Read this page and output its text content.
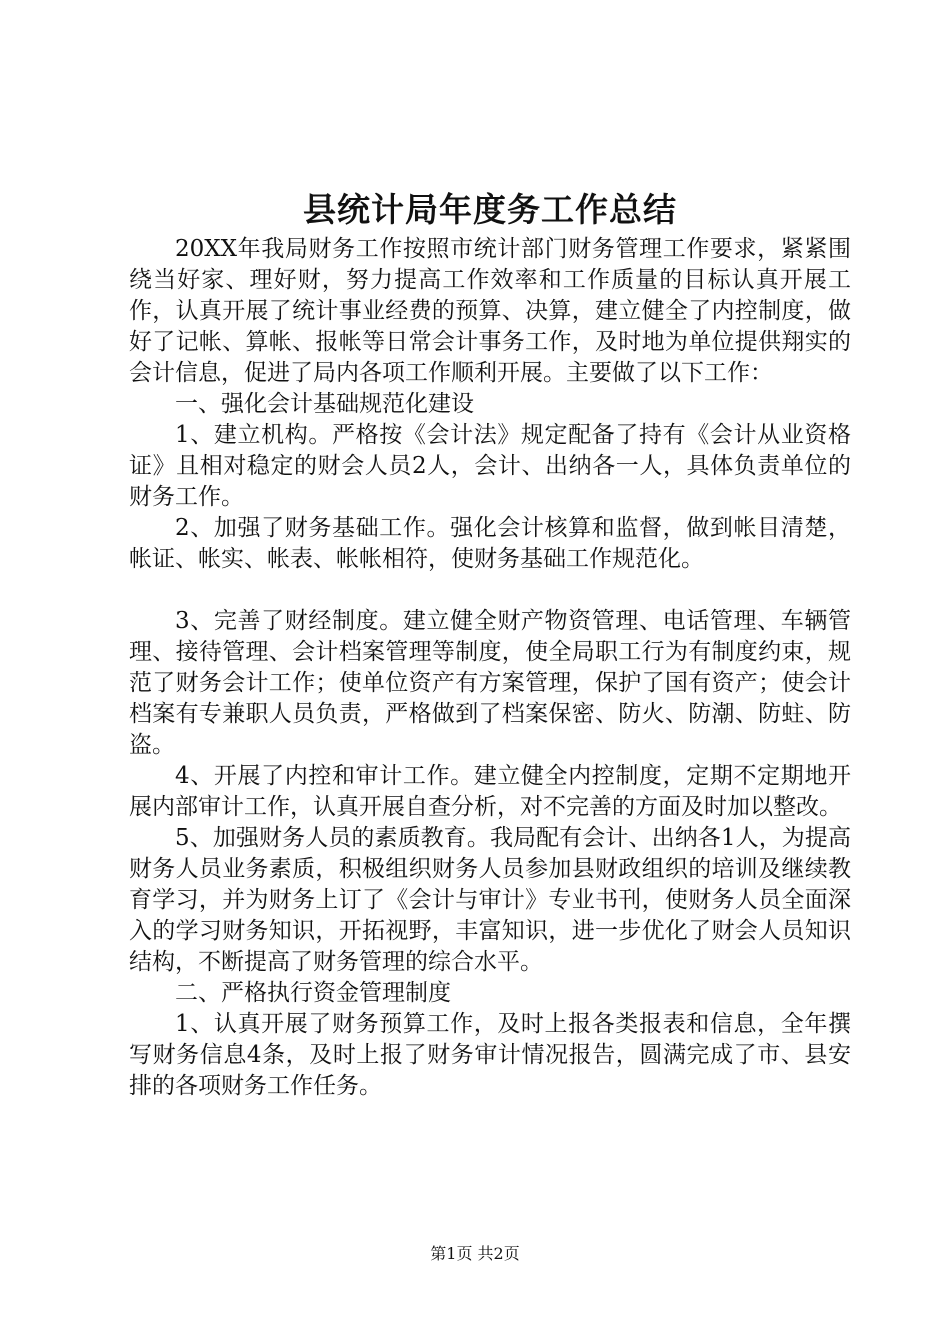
县统计局年度务工作总结

20XX年我局财务工作按照市统计部门财务管理工作要求，紧紧围绕当好家、理好财，努力提高工作效率和工作质量的目标认真开展工作，认真开展了统计事业经费的预算、决算，建立健全了内控制度，做好了记帐、算帐、报帐等日常会计事务工作，及时地为单位提供翔实的会计信息，促进了局内各项工作顺利开展。主要做了以下工作：

一、强化会计基础规范化建设

1、建立机构。严格按《会计法》规定配备了持有《会计从业资格证》且相对稳定的财会人员2人，会计、出纳各一人，具体负责单位的财务工作。

2、加强了财务基础工作。强化会计核算和监督，做到帐目清楚，帐证、帐实、帐表、帐帐相符，使财务基础工作规范化。

3、完善了财经制度。建立健全财产物资管理、电话管理、车辆管理、接待管理、会计档案管理等制度，使全局职工行为有制度约束，规范了财务会计工作；使单位资产有方案管理，保护了国有资产；使会计档案有专兼职人员负责，严格做到了档案保密、防火、防潮、防蛀、防盗。

4、开展了内控和审计工作。建立健全内控制度，定期不定期地开展内部审计工作，认真开展自查分析，对不完善的方面及时加以整改。

5、加强财务人员的素质教育。我局配有会计、出纳各1人，为提高财务人员业务素质，积极组织财务人员参加县财政组织的培训及继续教育学习，并为财务上订了《会计与审计》专业书刊，使财务人员全面深入的学习财务知识，开拓视野，丰富知识，进一步优化了财会人员知识结构，不断提高了财务管理的综合水平。

二、严格执行资金管理制度

1、认真开展了财务预算工作，及时上报各类报表和信息，全年撰写财务信息4条，及时上报了财务审计情况报告，圆满完成了市、县安排的各项财务工作任务。

第1页 共2页
